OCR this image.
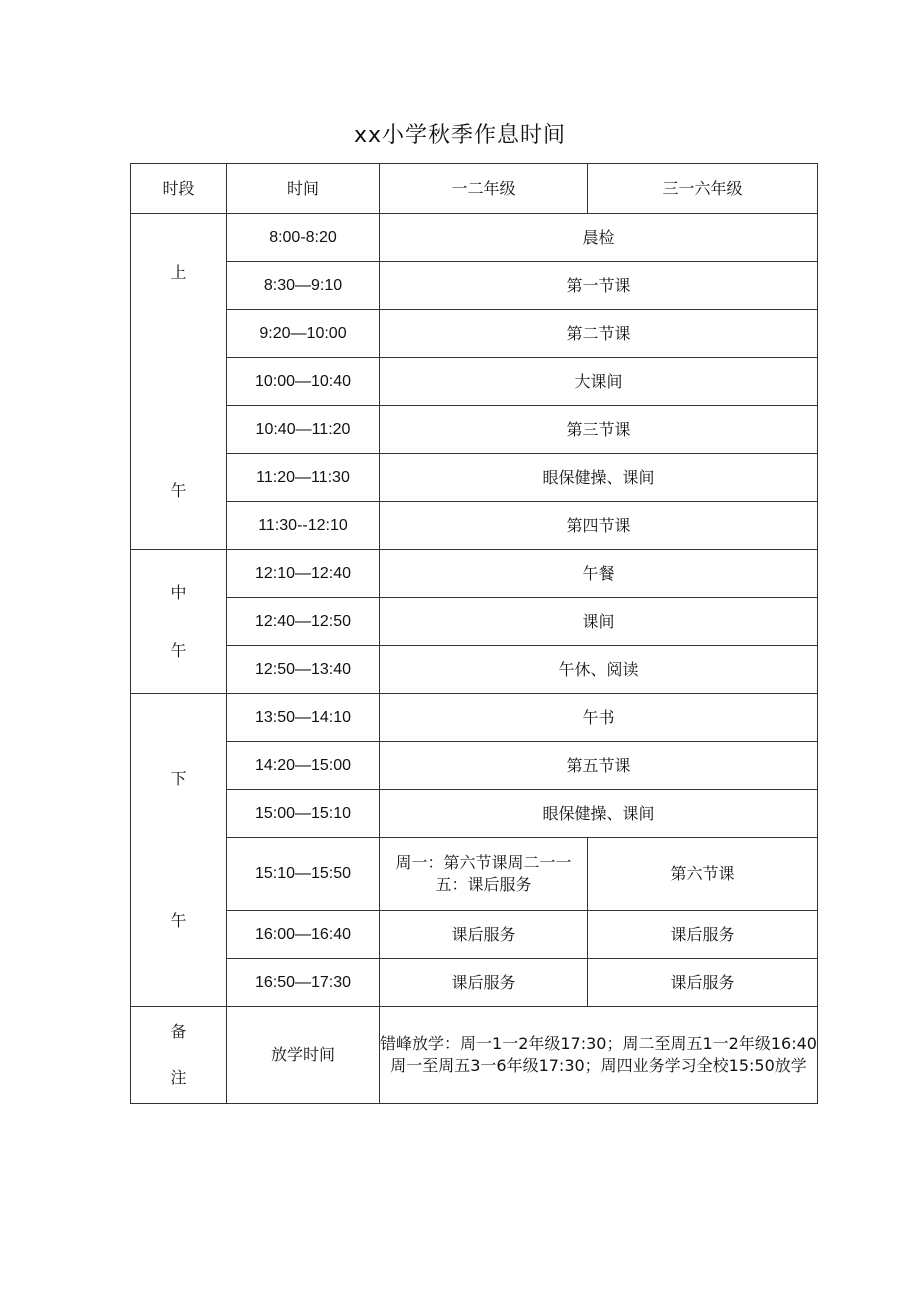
xx小学秋季作息时间
时段	时间	一二年级	三一六年级

上
午	8:00-8:20	晨检	
	8:30—9:10	第一节课	
	9:20—10:00	第二节课	
	10:00—10:40	大课间	
	10:40—11:20	第三节课	
	11:20—11:30	眼保健操、课间	
	11:30--12:10	第四节课	

中
午	12:10—12:40	午餐	
	12:40—12:50	课间	
	12:50—13:40	午休、阅读	

下
午	13:50—14:10	午书	
	14:20—15:00	第五节课	
	15:00—15:10	眼保健操、课间	
	15:10—15:50	周一：第六节课周二一一五：课后服务	第六节课
	16:00—16:40	课后服务	课后服务
	16:50—17:30	课后服务	课后服务

备
注	放学时间	错峰放学：周一1一2年级17:30；周二至周五1一2年级16:40周一至周五3一6年级17:30；周四业务学习全校15:50放学	
